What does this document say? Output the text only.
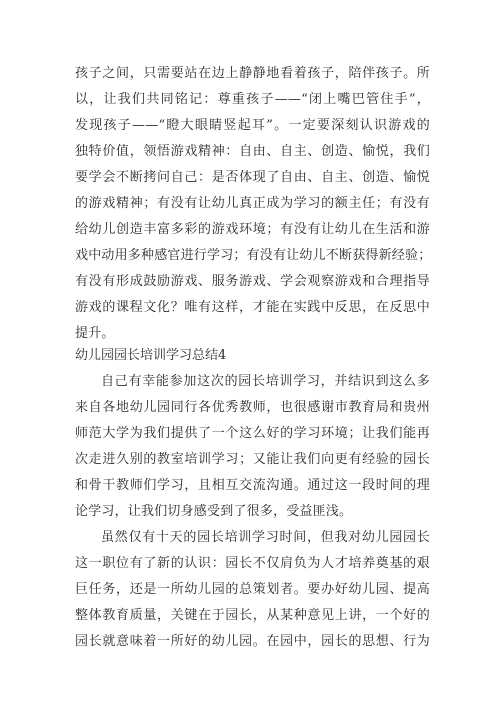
孩子之间，只需要站在边上静静地看着孩子，陪伴孩子。所
以，让我们共同铭记：尊重孩子——“闭上嘴巴管住手”，
发现孩子——“瞪大眼睛竖起耳”。一定要深刻认识游戏的
独特价值，领悟游戏精神：自由、自主、创造、愉悦，我们
要学会不断拷问自己：是否体现了自由、自主、创造、愉悦
的游戏精神；有没有让幼儿真正成为学习的额主任；有没有
给幼儿创造丰富多彩的游戏环境；有没有让幼儿在生活和游
戏中动用多种感官进行学习；有没有让幼儿不断获得新经验；
有没有形成鼓励游戏、服务游戏、学会观察游戏和合理指导
游戏的课程文化？唯有这样，才能在实践中反思，在反思中
提升。
幼儿园园长培训学习总结4
自己有幸能参加这次的园长培训学习，并结识到这么多
来自各地幼儿园同行各优秀教师，也很感谢市教育局和贵州
师范大学为我们提供了一个这么好的学习环境；让我们能再
次走进久别的教室培训学习；又能让我们向更有经验的园长
和骨干教师们学习，且相互交流沟通。通过这一段时间的理
论学习，让我们切身感受到了很多，受益匪浅。
虽然仅有十天的园长培训学习时间，但我对幼儿园园长
这一职位有了新的认识：园长不仅肩负为人才培养奠基的艰
巨任务，还是一所幼儿园的总策划者。要办好幼儿园、提高
整体教育质量，关键在于园长，从某种意见上讲，一个好的
园长就意味着一所好的幼儿园。在园中，园长的思想、行为
